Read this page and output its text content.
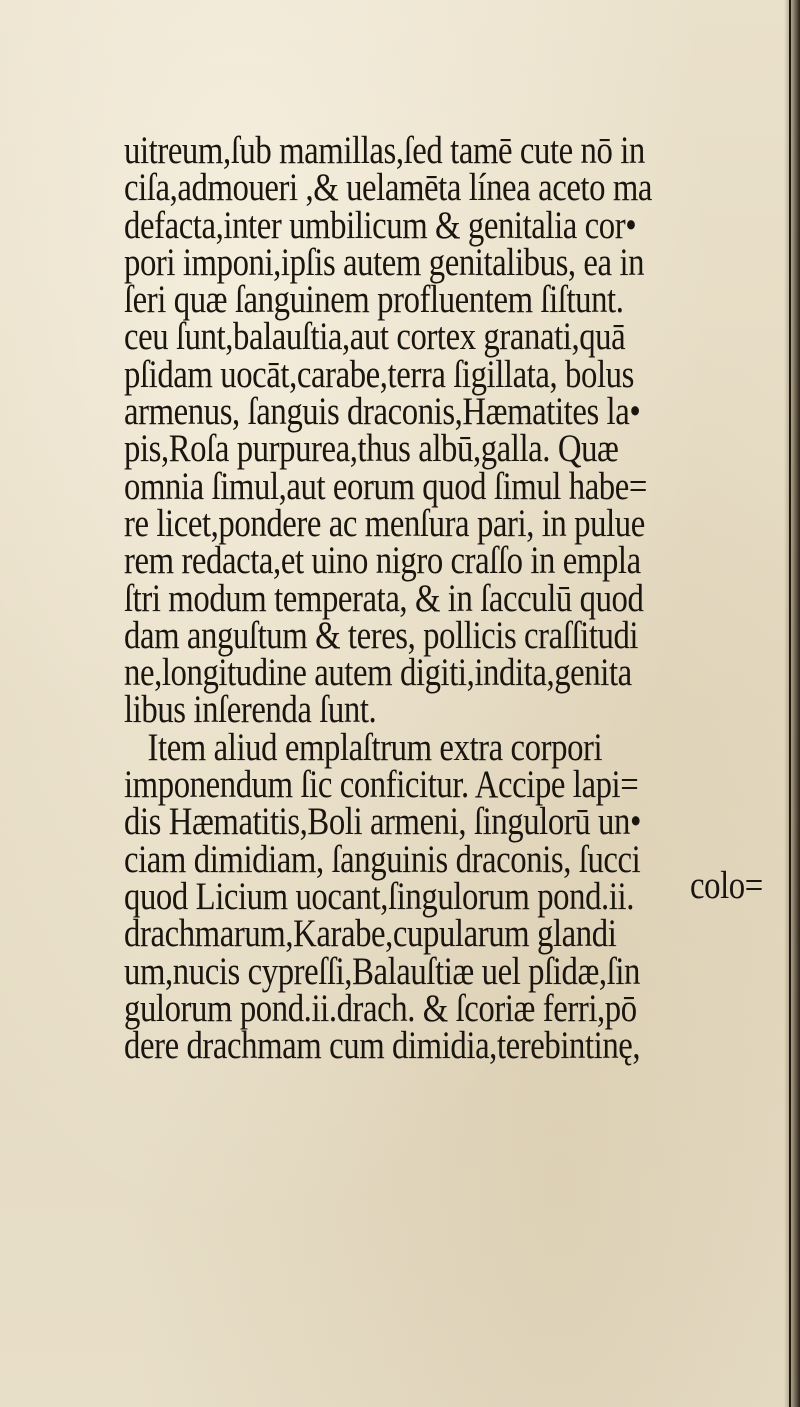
uitreum,ſub mamillas,ſed tamē cute nō in
ciſa,admoueri ,& uelamēta línea aceto ma
defacta,inter umbilicum & genitalia cor•
pori imponi,ipſis autem genitalibus, ea in
ſeri quæ ſanguinem profluentem ſiſtunt.
ceu ſunt,balauſtia,aut cortex granati,quā
pſidam uocāt,carabe,terra ſigillata, bolus
armenus, ſanguis draconis,Hæmatites la•
pis,Roſa purpurea,thus albū,galla. Quæ
omnia ſimul,aut eorum quod ſimul habe=
re licet,pondere ac menſura pari, in pulue
rem redacta,et uino nigro craſſo in empla
ſtri modum temperata, & in ſacculū quod
dam anguſtum & teres, pollicis craſſitudi
ne,longitudine autem digiti,indita,genita
libus inſerenda ſunt.
Item aliud emplaſtrum extra corpori
imponendum ſic conficitur. Accipe lapi=
dis Hæmatitis,Boli armeni, ſingulorū un•
ciam dimidiam, ſanguinis draconis, ſucci
quod Licium uocant,ſingulorum pond.ii.
drachmarum,Karabe,cupularum glandi
um,nucis cypreſſi,Balauſtiæ uel pſidæ,ſin
gulorum pond.ii.drach. & ſcoriæ ferri,pō
dere drachmam cum dimidia,terebintinę,
colo=
